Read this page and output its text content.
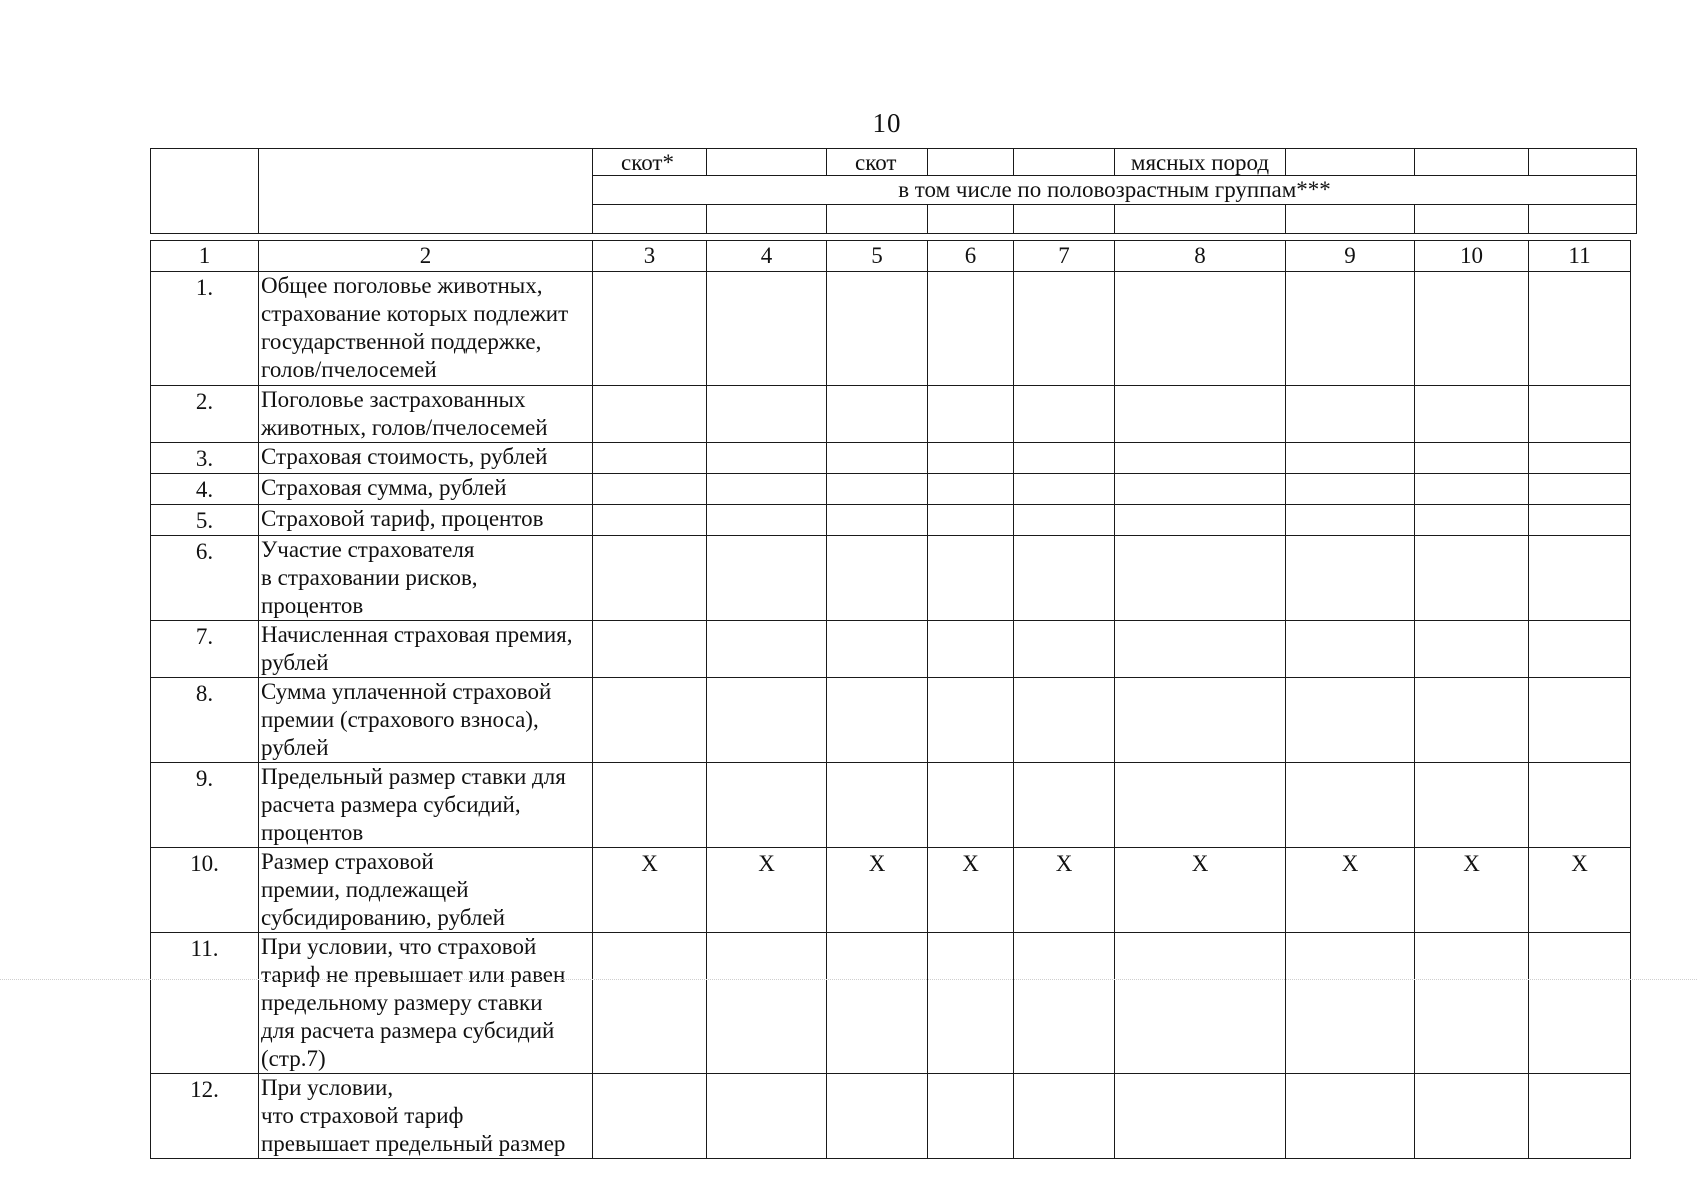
10
		скот*		скот			мясных пород			
		в том числе по половозрастным группам***								

1	2	3	4	5	6	7	8	9	10	11
1.	Общее поголовье животных,
страхование которых подлежит
государственной поддержке,
голов/пчелосемей									

2.	Поголовье застрахованных
животных, голов/пчелосемей									

3.	Страховая стоимость, рублей									

4.	Страховая сумма, рублей									

5.	Страховой тариф, процентов									

6.	Участие страхователя
в страховании рисков,
процентов									

7.	Начисленная страховая премия,
рублей									

8.	Сумма уплаченной страховой
премии (страхового взноса),
рублей									

9.	Предельный размер ставки для
расчета размера субсидий,
процентов									

10.	Размер страховой
премии, подлежащей
субсидированию, рублей	Х	Х	Х	Х	Х	Х	Х	Х	Х
11.	При условии, что страховой
тариф не превышает или равен
предельному размеру ставки
для расчета размера субсидий
(стр.7)									

12.	При условии,
что страховой тариф
превышает предельный размер									
